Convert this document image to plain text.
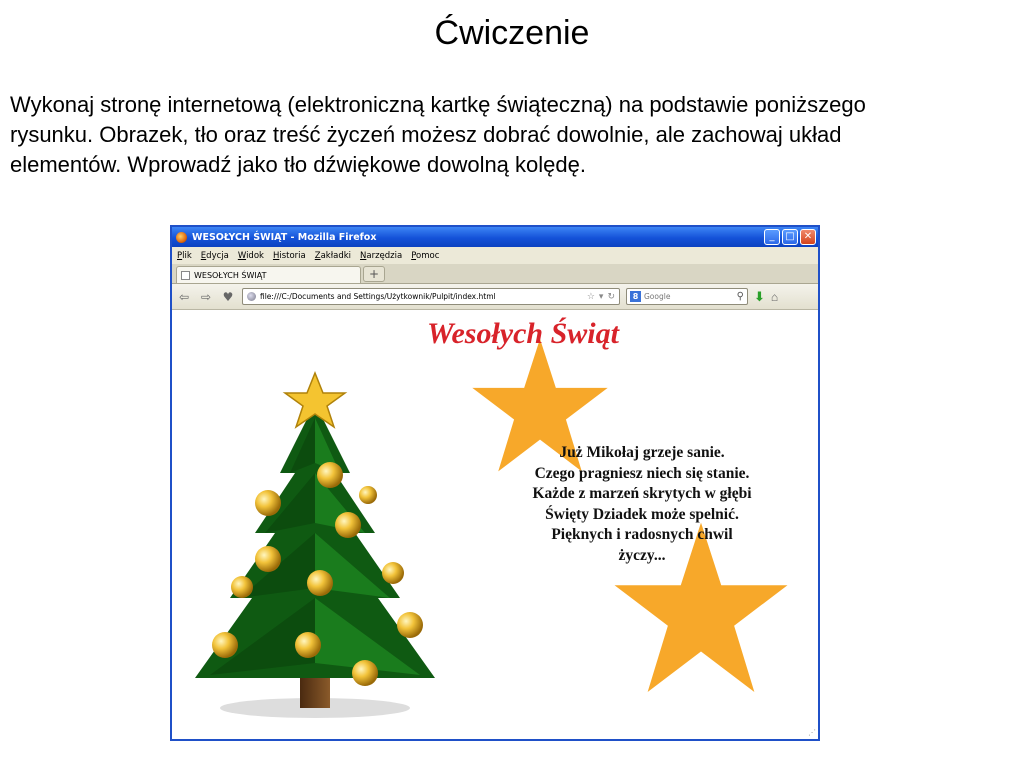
Ćwiczenie
Wykonaj stronę internetową (elektroniczną kartkę świąteczną) na podstawie poniższego
rysunku. Obrazek, tło oraz treść życzeń możesz dobrać dowolnie, ale zachowaj układ
elementów. Wprowadź jako tło dźwiękowe dowolną kolędę.
WESOŁYCH ŚWIĄT - Mozilla Firefox	_	□ ✕
Plik Edycja Widok Historia Zakładki Narzędzia Pomoc
WESOŁYCH ŚWIĄT	+
⇦ ⇨ ♥	file:///C:/Documents and Settings/Użytkownik/Pulpit/index.html	☆ ▾ ↻	8 Google	⚲ ⬇ ⌂
Wesołych Świąt
Już Mikołaj grzeje sanie.
Czego pragniesz niech się stanie.
Każde z marzeń skrytych w głębi
Święty Dziadek może spelnić.
Pięknych i radosnych chwil
życzy...
⋰
